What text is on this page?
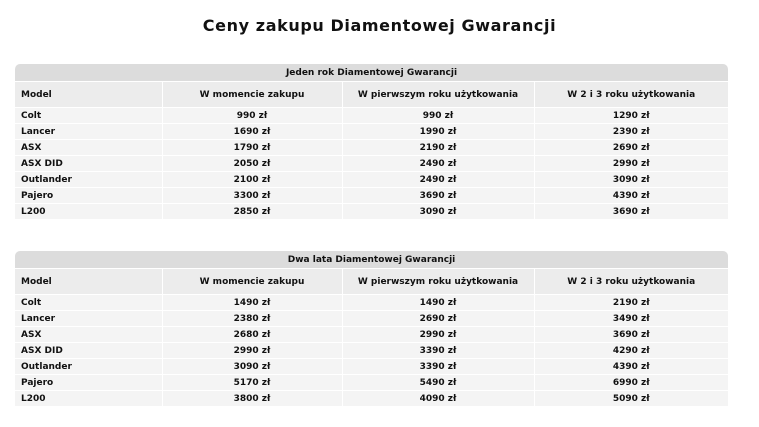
Ceny zakupu Diamentowej Gwarancji
Jeden rok Diamentowej Gwarancji			
Model	W momencie zakupu	W pierwszym roku użytkowania	W 2 i 3 roku użytkowania
Colt	990 zł	990 zł	1290 zł
Lancer	1690 zł	1990 zł	2390 zł
ASX	1790 zł	2190 zł	2690 zł
ASX DID	2050 zł	2490 zł	2990 zł
Outlander	2100 zł	2490 zł	3090 zł
Pajero	3300 zł	3690 zł	4390 zł
L200	2850 zł	3090 zł	3690 zł
Dwa lata Diamentowej Gwarancji			
Model	W momencie zakupu	W pierwszym roku użytkowania	W 2 i 3 roku użytkowania
Colt	1490 zł	1490 zł	2190 zł
Lancer	2380 zł	2690 zł	3490 zł
ASX	2680 zł	2990 zł	3690 zł
ASX DID	2990 zł	3390 zł	4290 zł
Outlander	3090 zł	3390 zł	4390 zł
Pajero	5170 zł	5490 zł	6990 zł
L200	3800 zł	4090 zł	5090 zł
